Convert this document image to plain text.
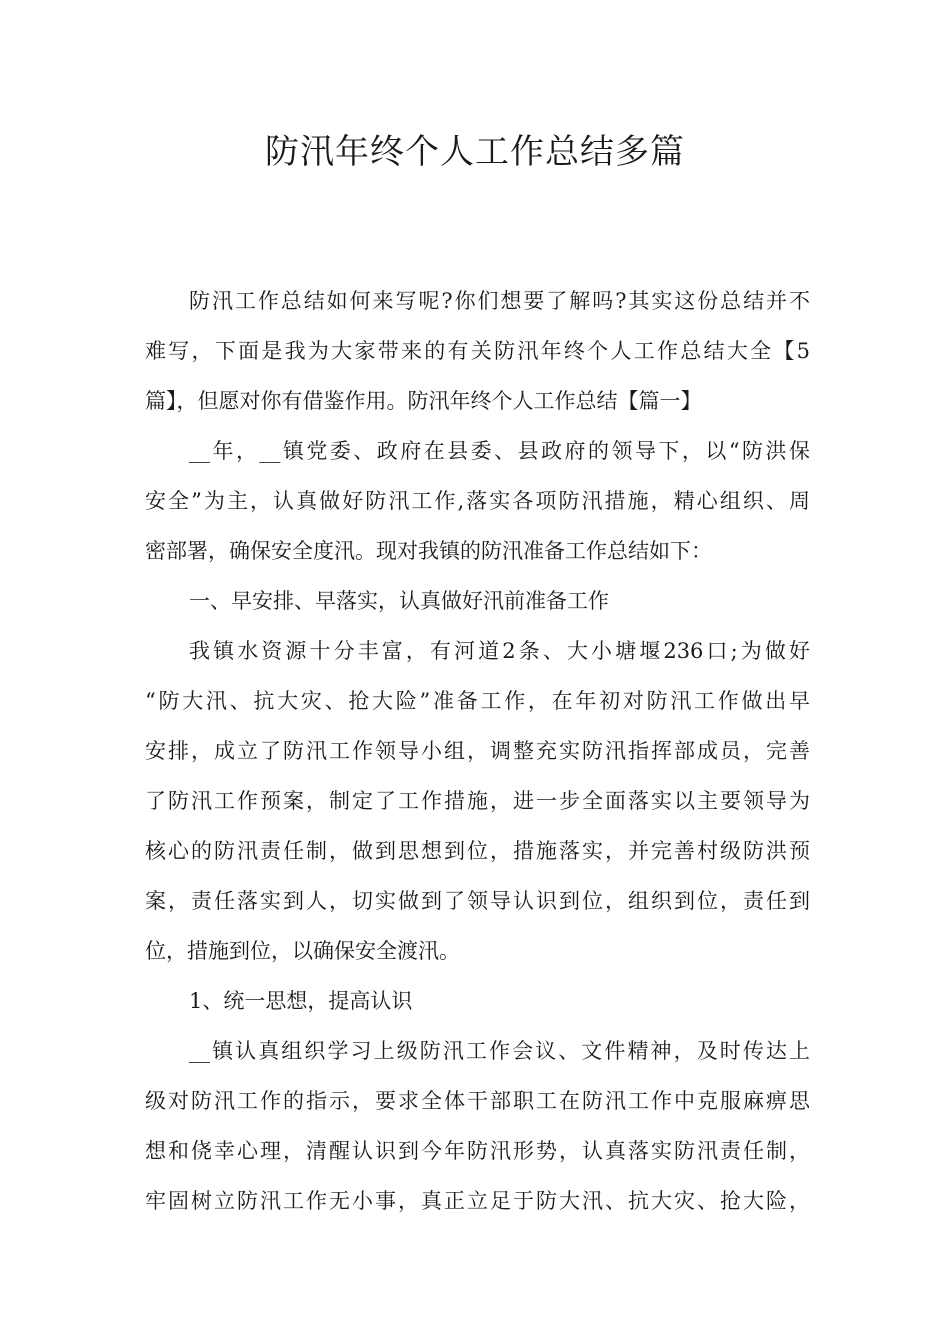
防汛年终个人工作总结多篇
防汛工作总结如何来写呢?你们想要了解吗?其实这份总结并不
难写，下面是我为大家带来的有关防汛年终个人工作总结大全【5
篇】，但愿对你有借鉴作用。防汛年终个人工作总结【篇一】
__年，__镇党委、政府在县委、县政府的领导下，以“防洪保
安全”为主，认真做好防汛工作,落实各项防汛措施，精心组织、周
密部署，确保安全度汛。现对我镇的防汛准备工作总结如下：
一、早安排、早落实，认真做好汛前准备工作
我镇水资源十分丰富，有河道2条、大小塘堰236口;为做好
“防大汛、抗大灾、抢大险”准备工作，在年初对防汛工作做出早
安排，成立了防汛工作领导小组，调整充实防汛指挥部成员，完善
了防汛工作预案，制定了工作措施，进一步全面落实以主要领导为
核心的防汛责任制，做到思想到位，措施落实，并完善村级防洪预
案，责任落实到人，切实做到了领导认识到位，组织到位，责任到
位，措施到位，以确保安全渡汛。
1、统一思想，提高认识
__镇认真组织学习上级防汛工作会议、文件精神，及时传达上
级对防汛工作的指示，要求全体干部职工在防汛工作中克服麻痹思
想和侥幸心理，清醒认识到今年防汛形势，认真落实防汛责任制，
牢固树立防汛工作无小事，真正立足于防大汛、抗大灾、抢大险，
